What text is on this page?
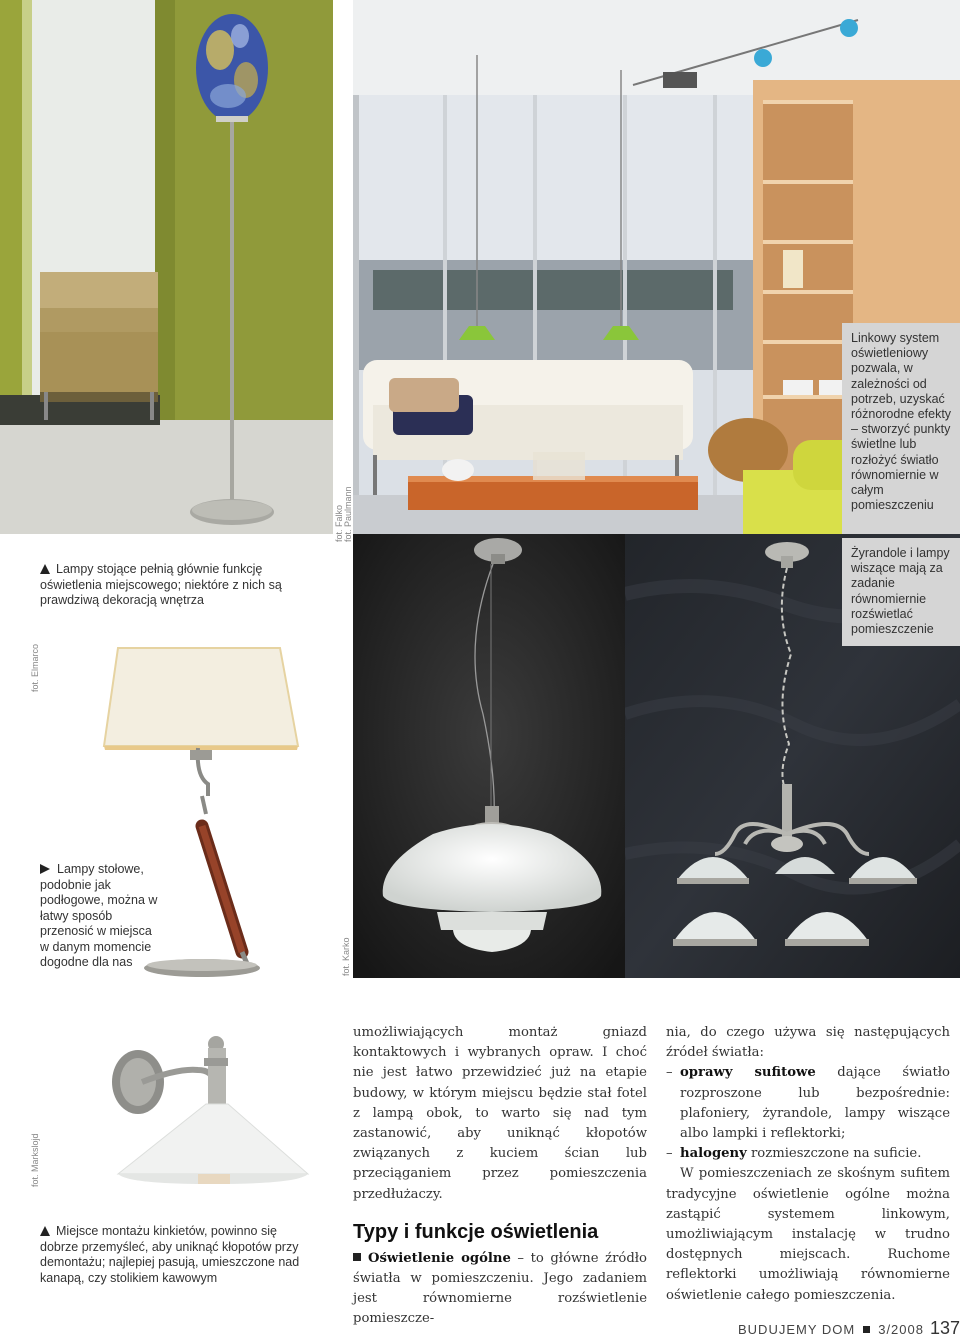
fot. Falko fot. Paulmann
fot. Elmarco
fot. Karko
fot. Markslojd
Lampy stojące pełnią głównie funkcję oświetlenia miejscowego; niektóre z nich są prawdziwą dekoracją wnętrza
Lampy stołowe, podobnie jak podłogowe, można w łatwy sposób przenosić w miejsca w danym momencie dogodne dla nas
Miejsce montażu kinkietów, powinno się dobrze przemyśleć, aby uniknąć kłopotów przy demontażu; najlepiej pasują, umieszczone nad kanapą, czy stolikiem kawowym
Linkowy system oświetleniowy pozwala, w zależności od potrzeb, uzyskać różnorodne efekty – stworzyć punkty świetlne lub rozłożyć światło równomiernie w całym pomieszczeniu
Żyrandole i lampy wiszące mają za zadanie równomiernie rozświetlać pomieszczenie

umożliwiających montaż gniazd kontaktowych i wybranych opraw. I choć nie jest łatwo przewidzieć już na etapie budowy, w którym miejscu będzie stał fotel z lampą obok, to warto się nad tym zastanowić, aby uniknąć kłopotów związanych z kuciem ścian lub przeciąganiem przez pomieszczenia przedłużaczy.

Typy i funkcje oświetlenia

Oświetlenie ogólne – to główne źródło światła w pomieszczeniu. Jego zadaniem jest równomierne rozświetlenie pomieszcze-

nia, do czego używa się następujących źródeł światła:

– oprawy sufitowe dające światło rozproszone lub bezpośrednie: plafoniery, żyrandole, lampy wiszące albo lampki i reflektorki;
– halogeny rozmieszczone na suficie.

W pomieszczeniach ze skośnym sufitem tradycyjne oświetlenie ogólne można zastąpić systemem linkowym, umożliwiającym instalację w trudno dostępnych miejscach. Ruchome reflektorki umożliwiają równomierne oświetlenie całego pomieszczenia.

BUDUJEMY DOM 3/2008 137
